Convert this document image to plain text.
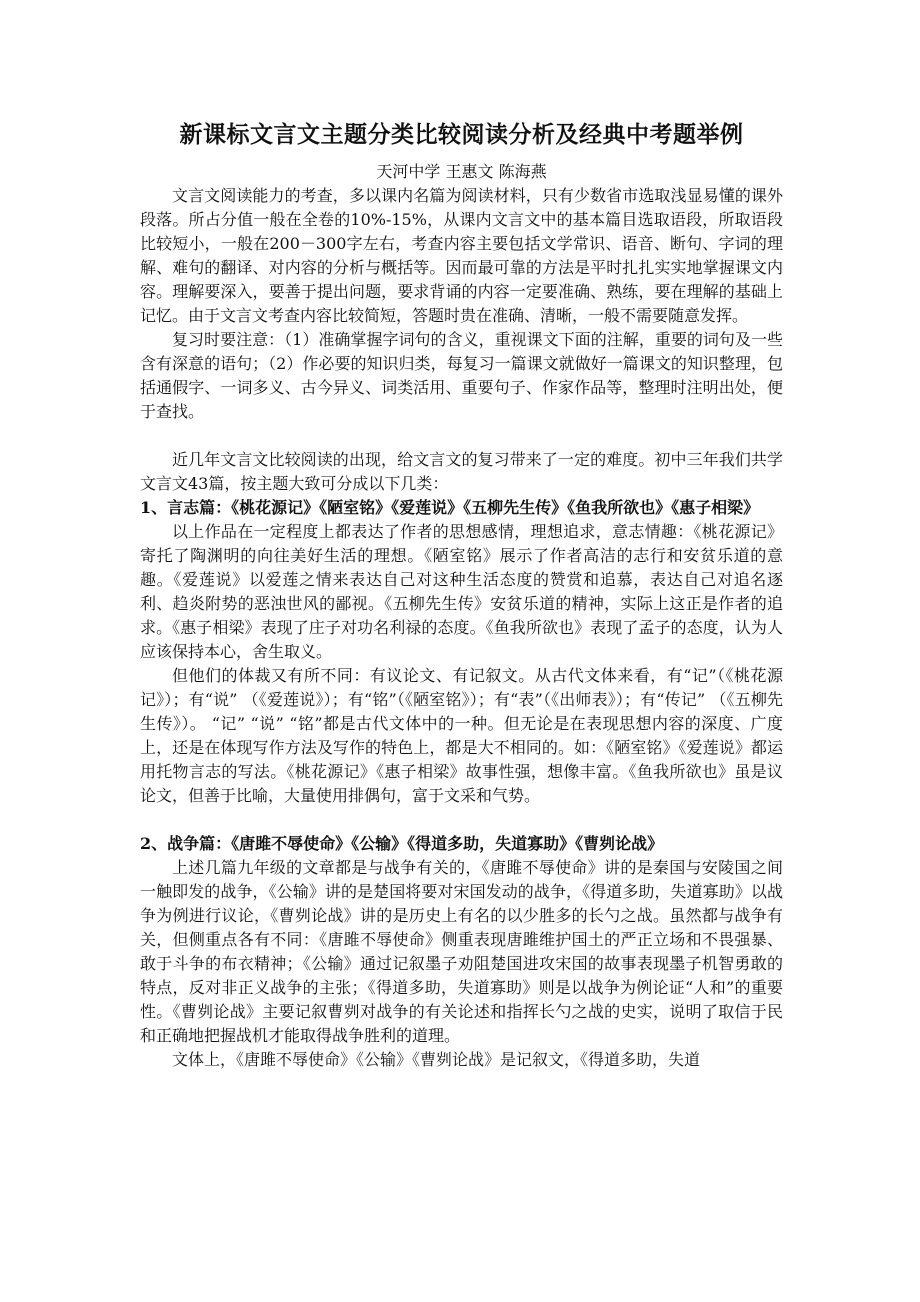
新课标文言文主题分类比较阅读分析及经典中考题举例
天河中学 王惠文 陈海燕

文言文阅读能力的考查，多以课内名篇为阅读材料，只有少数省市选取浅显易懂的课外段落。所占分值一般在全卷的10%-15%，从课内文言文中的基本篇目选取语段，所取语段比较短小，一般在200－300字左右，考查内容主要包括文学常识、语音、断句、字词的理解、难句的翻译、对内容的分析与概括等。因而最可靠的方法是平时扎扎实实地掌握课文内容。理解要深入，要善于提出问题，要求背诵的内容一定要准确、熟练，要在理解的基础上记忆。由于文言文考查内容比较简短，答题时贵在准确、清晰，一般不需要随意发挥。

复习时要注意：（1）准确掌握字词句的含义，重视课文下面的注解，重要的词句及一些含有深意的语句；（2）作必要的知识归类，每复习一篇课文就做好一篇课文的知识整理，包括通假字、一词多义、古今异义、词类活用、重要句子、作家作品等，整理时注明出处，便于查找。

近几年文言文比较阅读的出现，给文言文的复习带来了一定的难度。初中三年我们共学文言文43篇，按主题大致可分成以下几类：

1、言志篇：《桃花源记》《陋室铭》《爱莲说》《五柳先生传》《鱼我所欲也》《惠子相梁》

以上作品在一定程度上都表达了作者的思想感情，理想追求，意志情趣：《桃花源记》寄托了陶渊明的向往美好生活的理想。《陋室铭》展示了作者高洁的志行和安贫乐道的意趣。《爱莲说》以爱莲之情来表达自己对这种生活态度的赞赏和追慕，表达自己对追名逐利、趋炎附势的恶浊世风的鄙视。《五柳先生传》安贫乐道的精神，实际上这正是作者的追求。《惠子相梁》表现了庄子对功名利禄的态度。《鱼我所欲也》表现了孟子的态度，认为人应该保持本心，舍生取义。

但他们的体裁又有所不同：有议论文、有记叙文。从古代文体来看，有“记”（《桃花源记》）；有“说” （《爱莲说》）；有“铭”（《陋室铭》）；有“表”（《出师表》）；有“传记” （《五柳先生传》）。 “记” “说” “铭”都是古代文体中的一种。但无论是在表现思想内容的深度、广度上，还是在体现写作方法及写作的特色上，都是大不相同的。如：《陋室铭》《爱莲说》都运用托物言志的写法。《桃花源记》《惠子相梁》故事性强，想像丰富。《鱼我所欲也》虽是议论文，但善于比喻，大量使用排偶句，富于文采和气势。

2、战争篇：《唐雎不辱使命》《公输》《得道多助，失道寡助》《曹刿论战》

上述几篇九年级的文章都是与战争有关的，《唐雎不辱使命》讲的是秦国与安陵国之间一触即发的战争，《公输》讲的是楚国将要对宋国发动的战争，《得道多助，失道寡助》以战争为例进行议论，《曹刿论战》讲的是历史上有名的以少胜多的长勺之战。虽然都与战争有关，但侧重点各有不同：《唐雎不辱使命》侧重表现唐雎维护国土的严正立场和不畏强暴、敢于斗争的布衣精神；《公输》通过记叙墨子劝阻楚国进攻宋国的故事表现墨子机智勇敢的特点，反对非正义战争的主张；《得道多助，失道寡助》则是以战争为例论证“人和”的重要性。《曹刿论战》主要记叙曹刿对战争的有关论述和指挥长勺之战的史实，说明了取信于民和正确地把握战机才能取得战争胜利的道理。

文体上，《唐雎不辱使命》《公输》《曹刿论战》是记叙文，《得道多助，失道
